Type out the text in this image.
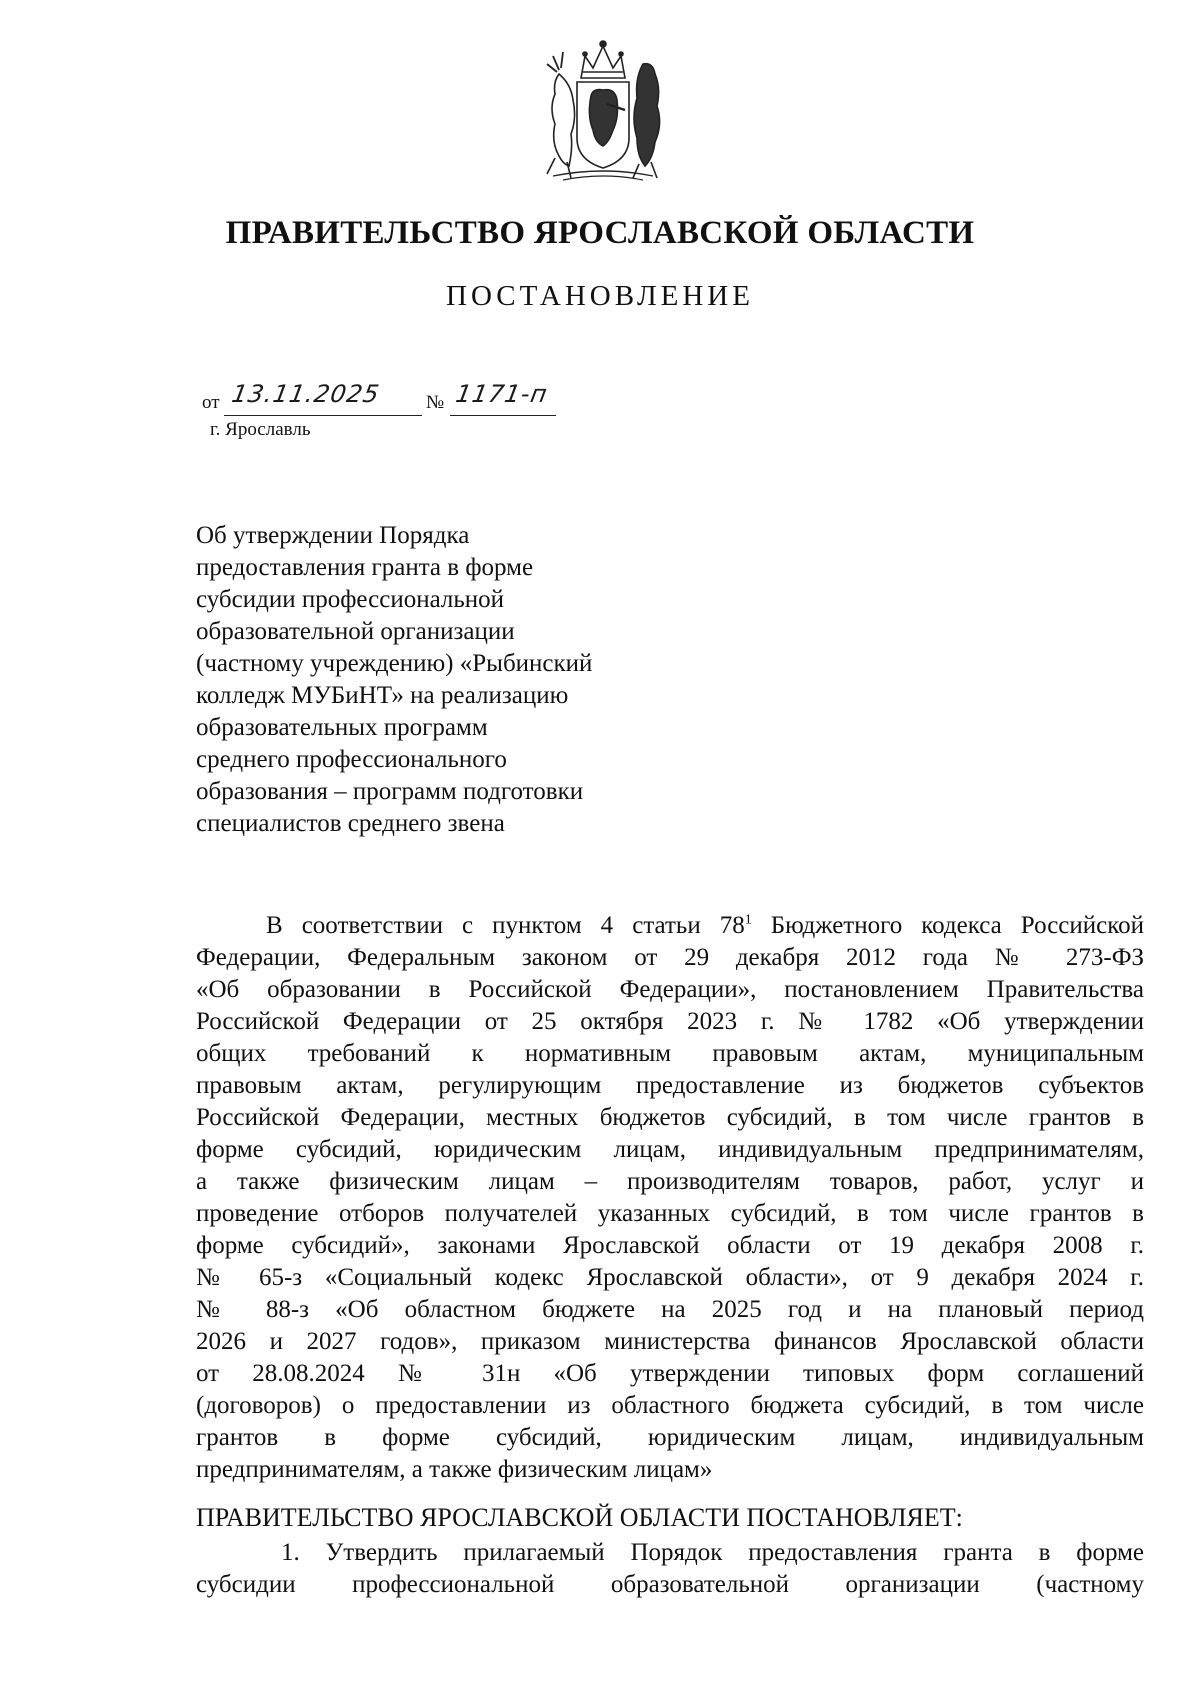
ПРАВИТЕЛЬСТВО ЯРОСЛАВСКОЙ ОБЛАСТИ
ПОСТАНОВЛЕНИЕ
от 13.11.2025 № 1171-п
г. Ярославль
Об утверждении Порядка
предоставления гранта в форме
субсидии профессиональной
образовательной организации
(частному учреждению) «Рыбинский
колледж МУБиНТ» на реализацию
образовательных программ
среднего профессионального
образования – программ подготовки
специалистов среднего звена
В соответствии с пунктом 4 статьи $78^1$ Бюджетного кодекса Российской
Федерации, Федеральным законом от 29 декабря 2012 года № 273-ФЗ
«Об образовании в Российской Федерации», постановлением Правительства
Российской Федерации от 25 октября 2023 г. № 1782 «Об утверждении
общих требований к нормативным правовым актам, муниципальным
правовым актам, регулирующим предоставление из бюджетов субъектов
Российской Федерации, местных бюджетов субсидий, в том числе грантов в
форме субсидий, юридическим лицам, индивидуальным предпринимателям,
а также физическим лицам – производителям товаров, работ, услуг и
проведение отборов получателей указанных субсидий, в том числе грантов в
форме субсидий», законами Ярославской области от 19 декабря 2008 г.
№ 65-з «Социальный кодекс Ярославской области», от 9 декабря 2024 г.
№ 88-з «Об областном бюджете на 2025 год и на плановый период
2026 и 2027 годов», приказом министерства финансов Ярославской области
от 28.08.2024 № 31н «Об утверждении типовых форм соглашений
(договоров) о предоставлении из областного бюджета субсидий, в том числе
грантов в форме субсидий, юридическим лицам, индивидуальным
предпринимателям, а также физическим лицам»
ПРАВИТЕЛЬСТВО ЯРОСЛАВСКОЙ ОБЛАСТИ ПОСТАНОВЛЯЕТ:
1. Утвердить прилагаемый Порядок предоставления гранта в форме
субсидии профессиональной образовательной организации (частному
